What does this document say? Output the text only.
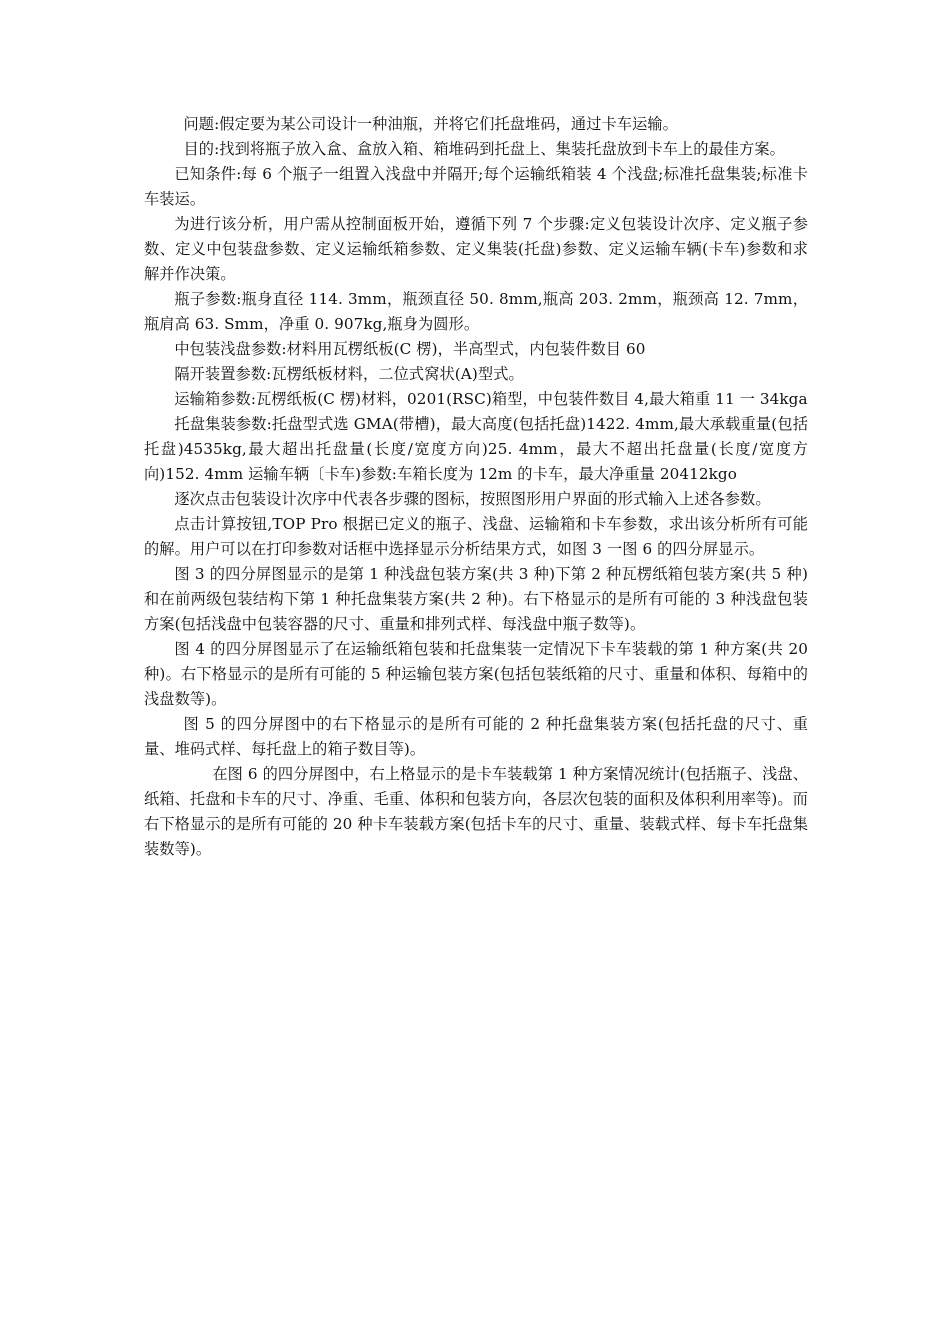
问题:假定要为某公司设计一种油瓶，并将它们托盘堆码，通过卡车运输。

目的:找到将瓶子放入盒、盒放入箱、箱堆码到托盘上、集装托盘放到卡车上的最佳方案。

已知条件:每 6 个瓶子一组置入浅盘中并隔开;每个运输纸箱装 4 个浅盘;标准托盘集装;标准卡车装运。

为进行该分析，用户需从控制面板开始，遵循下列 7 个步骤:定义包装设计次序、定义瓶子参数、定义中包装盘参数、定义运输纸箱参数、定义集装(托盘)参数、定义运输车辆(卡车)参数和求解并作决策。

瓶子参数:瓶身直径 114. 3mm，瓶颈直径 50. 8mm,瓶高 203. 2mm，瓶颈高 12. 7mm，瓶肩高 63. Smm，净重 0. 907kg,瓶身为圆形。

中包装浅盘参数:材料用瓦楞纸板(C 楞)，半高型式，内包装件数目 60

隔开装置参数:瓦楞纸板材料，二位式窝状(A)型式。

运输箱参数:瓦楞纸板(C 楞)材料，0201(RSC)箱型，中包装件数目 4,最大箱重 11 一 34kga

托盘集装参数:托盘型式选 GMA(带槽)，最大高度(包括托盘)1422. 4mm,最大承载重量(包括托盘)4535kg,最大超出托盘量(长度/宽度方向)25. 4mm，最大不超出托盘量(长度/宽度方向)152. 4mm 运输车辆〔卡车)参数:车箱长度为 12m 的卡车，最大净重量 20412kgo

逐次点击包装设计次序中代表各步骤的图标，按照图形用户界面的形式输入上述各参数。

点击计算按钮,TOP Pro 根据已定义的瓶子、浅盘、运输箱和卡车参数，求出该分析所有可能的解。用户可以在打印参数对话框中选择显示分析结果方式，如图 3 一图 6 的四分屏显示。

图 3 的四分屏图显示的是第 1 种浅盘包装方案(共 3 种)下第 2 种瓦楞纸箱包装方案(共 5 种)和在前两级包装结构下第 1 种托盘集装方案(共 2 种)。右下格显示的是所有可能的 3 种浅盘包装方案(包括浅盘中包装容器的尺寸、重量和排列式样、每浅盘中瓶子数等)。

图 4 的四分屏图显示了在运输纸箱包装和托盘集装一定情况下卡车装载的第 1 种方案(共 20 种)。右下格显示的是所有可能的 5 种运输包装方案(包括包装纸箱的尺寸、重量和体积、每箱中的浅盘数等)。

图 5 的四分屏图中的右下格显示的是所有可能的 2 种托盘集装方案(包括托盘的尺寸、重量、堆码式样、每托盘上的箱子数目等)。

在图 6 的四分屏图中，右上格显示的是卡车装载第 1 种方案情况统计(包括瓶子、浅盘、纸箱、托盘和卡车的尺寸、净重、毛重、体积和包装方向，各层次包装的面积及体积利用率等)。而右下格显示的是所有可能的 20 种卡车装载方案(包括卡车的尺寸、重量、装载式样、每卡车托盘集装数等)。
